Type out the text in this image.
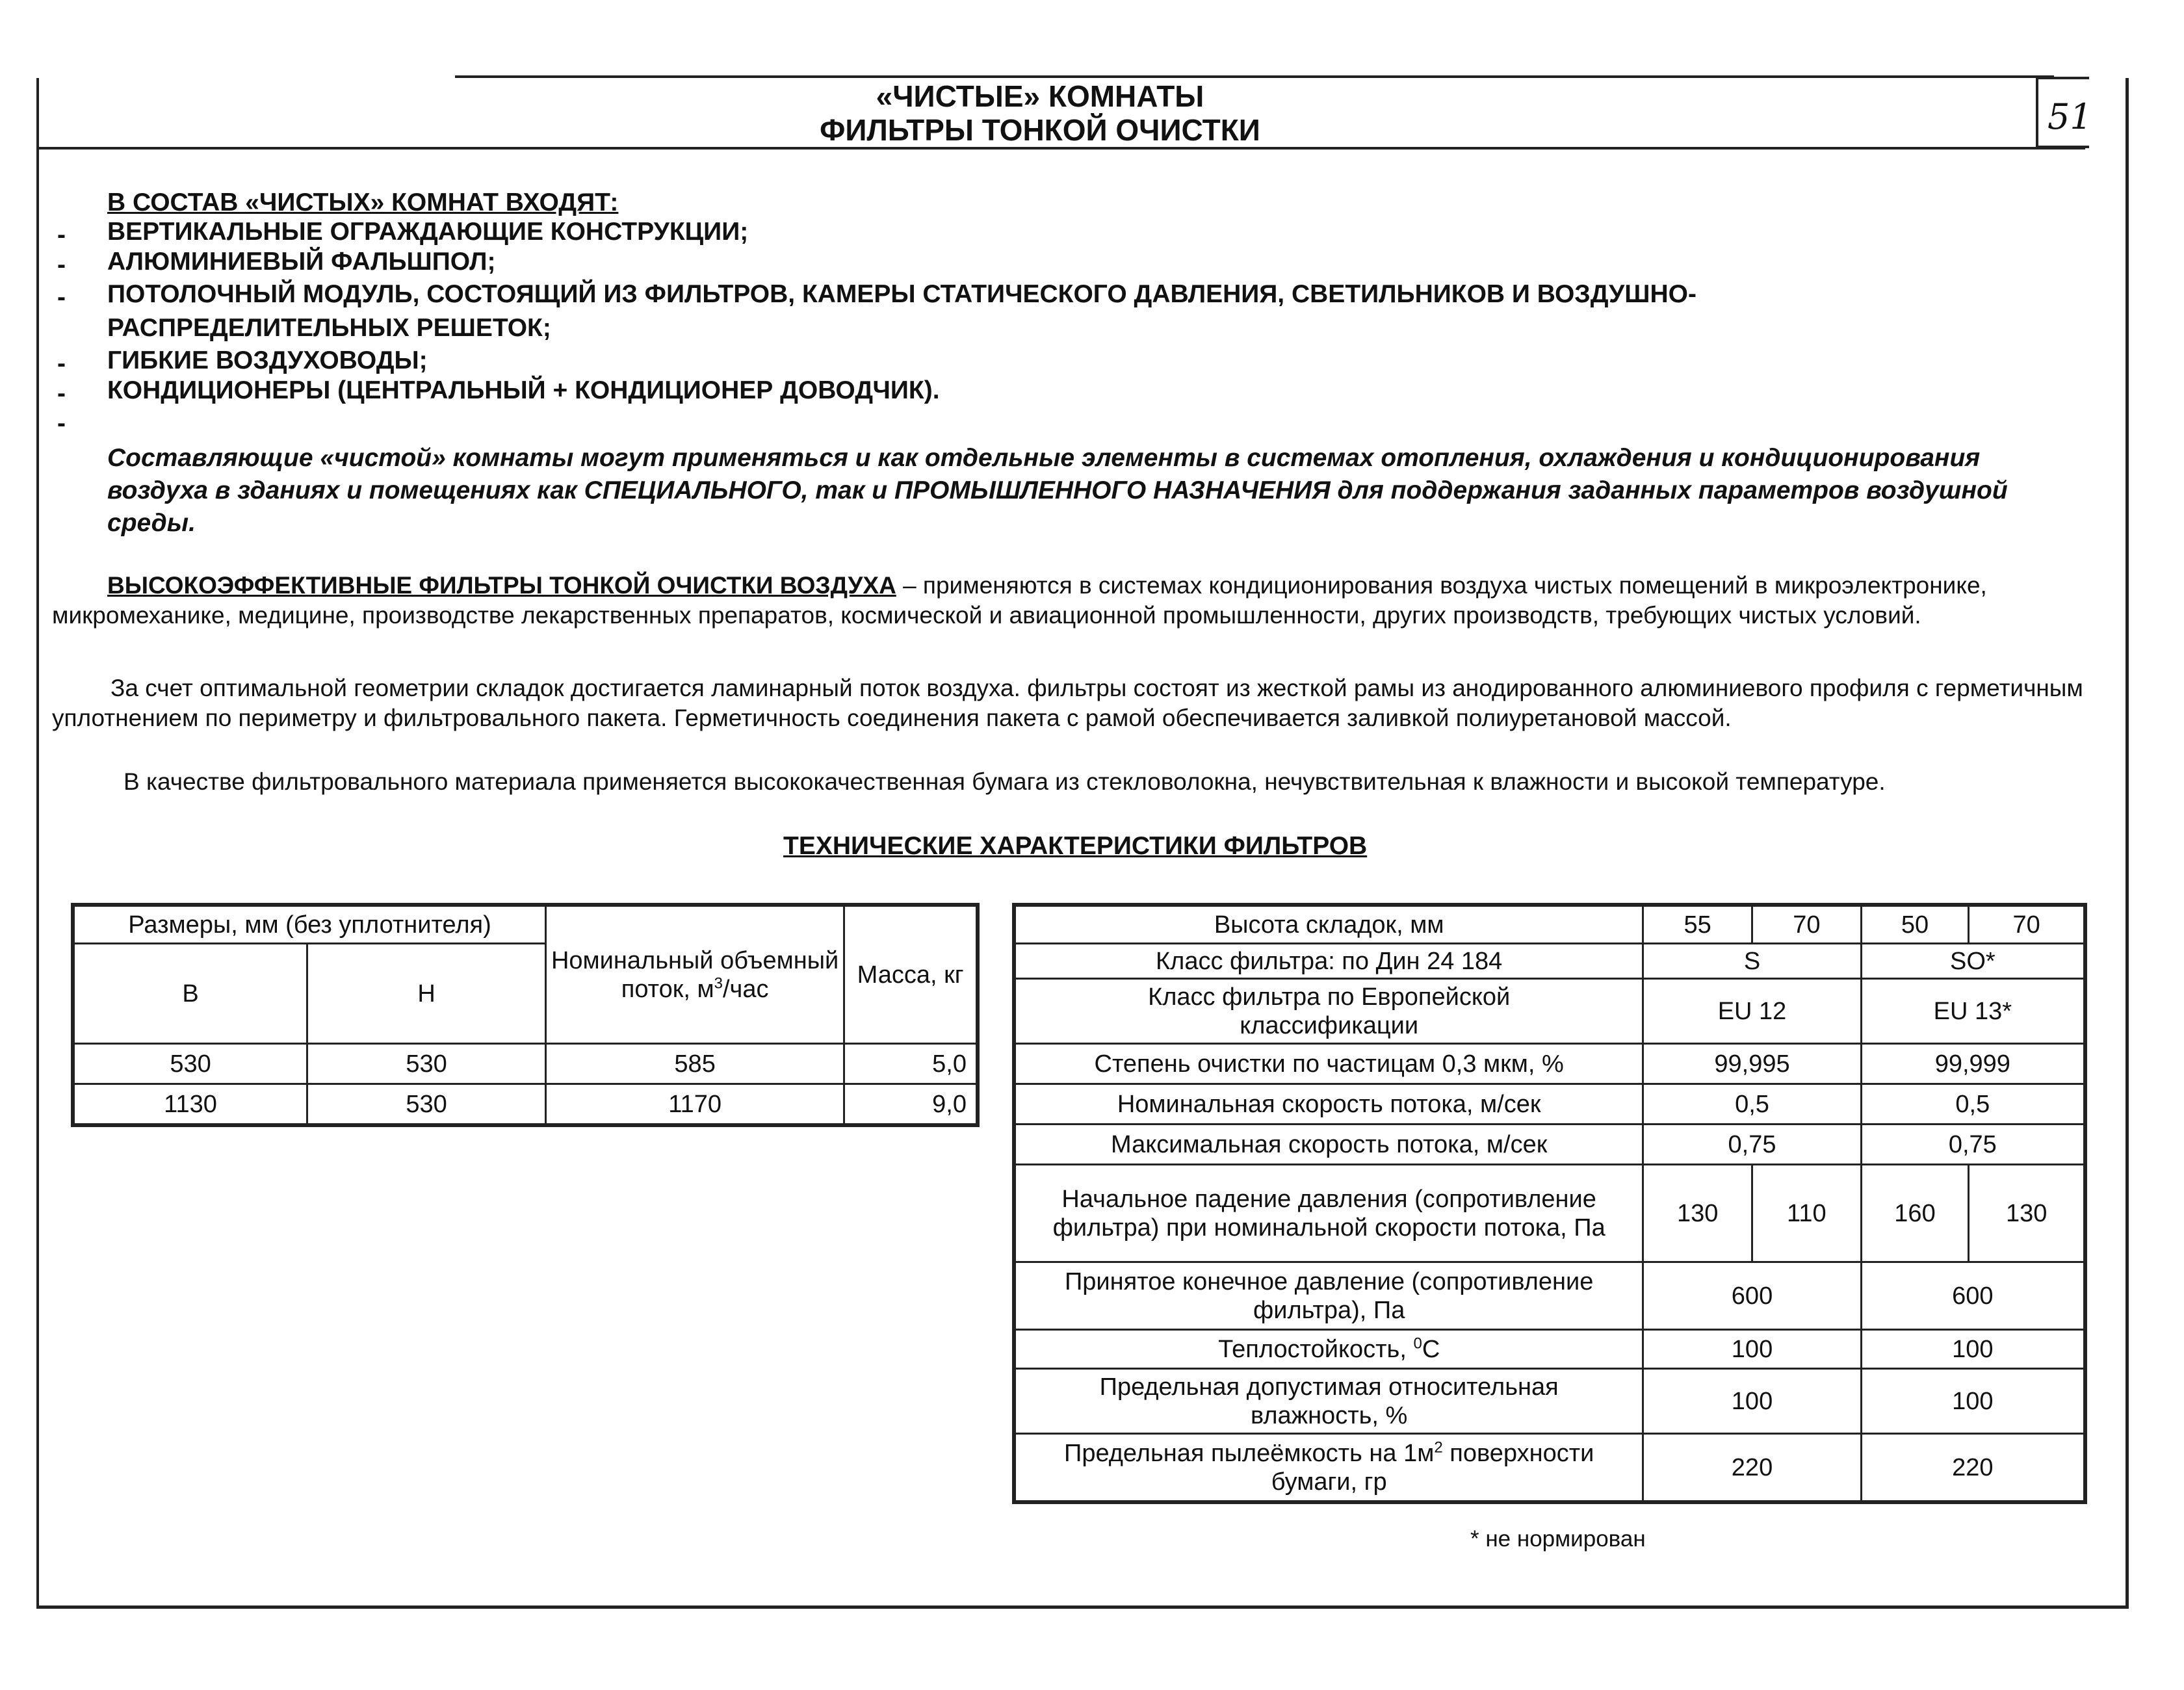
«ЧИСТЫЕ» КОМНАТЫ
ФИЛЬТРЫ ТОНКОЙ ОЧИСТКИ	51
В СОСТАВ «ЧИСТЫХ» КОМНАТ ВХОДЯТ:
- ВЕРТИКАЛЬНЫЕ ОГРАЖДАЮЩИЕ КОНСТРУКЦИИ;
- АЛЮМИНИЕВЫЙ ФАЛЬШПОЛ;
- ПОТОЛОЧНЫЙ МОДУЛЬ, СОСТОЯЩИЙ ИЗ ФИЛЬТРОВ, КАМЕРЫ СТАТИЧЕСКОГО ДАВЛЕНИЯ, СВЕТИЛЬНИКОВ И ВОЗДУШНО-
РАСПРЕДЕЛИТЕЛЬНЫХ РЕШЕТОК;
- ГИБКИЕ ВОЗДУХОВОДЫ;
- КОНДИЦИОНЕРЫ (ЦЕНТРАЛЬНЫЙ + КОНДИЦИОНЕР ДОВОДЧИК).
-
Составляющие «чистой» комнаты могут применяться и как отдельные элементы в системах отопления, охлаждения и кондиционирования воздуха в зданиях и помещениях как СПЕЦИАЛЬНОГО, так и ПРОМЫШЛЕННОГО НАЗНАЧЕНИЯ для поддержания заданных параметров воздушной среды.
ВЫСОКОЭФФЕКТИВНЫЕ ФИЛЬТРЫ ТОНКОЙ ОЧИСТКИ ВОЗДУХА – применяются в системах кондиционирования воздуха чистых помещений в микроэлектронике, микромеханике, медицине, производстве лекарственных препаратов, космической и авиационной промышленности, других производств, требующих чистых условий.
За счет оптимальной геометрии складок достигается ламинарный поток воздуха. фильтры состоят из жесткой рамы из анодированного алюминиевого профиля с герметичным уплотнением по периметру и фильтровального пакета. Герметичность соединения пакета с рамой обеспечивается заливкой полиуретановой массой.
В качестве фильтровального материала применяется высококачественная бумага из стекловолокна, нечувствительная к влажности и высокой температуре.
ТЕХНИЧЕСКИЕ ХАРАКТЕРИСТИКИ ФИЛЬТРОВ
Размеры, мм (без уплотнителя)		Номинальный объемный поток, $м^3$/час	Масса, кг
В	Н		
530	530	585	5,0
1130	530	1170	9,0
Высота складок, мм	55	70	50	70
Класс фильтра: по Дин 24 184	S		SO*	
Класс фильтра по Европейской классификации	EU 12		EU 13*	
Степень очистки по частицам 0,3 мкм, %	99,995		99,999	
Номинальная скорость потока, м/сек	0,5		0,5	
Максимальная скорость потока, м/сек	0,75		0,75	
Начальное падение давления (сопротивление фильтра) при номинальной скорости потока, Па	130	110	160	130
Принятое конечное давление (сопротивление фильтра), Па	600		600	
Теплостойкость, $^0$С	100		100	
Предельная допустимая относительная влажность, %	100		100	
Предельная пылеёмкость на $1м^2$ поверхности бумаги, гр	220		220	
* не нормирован
